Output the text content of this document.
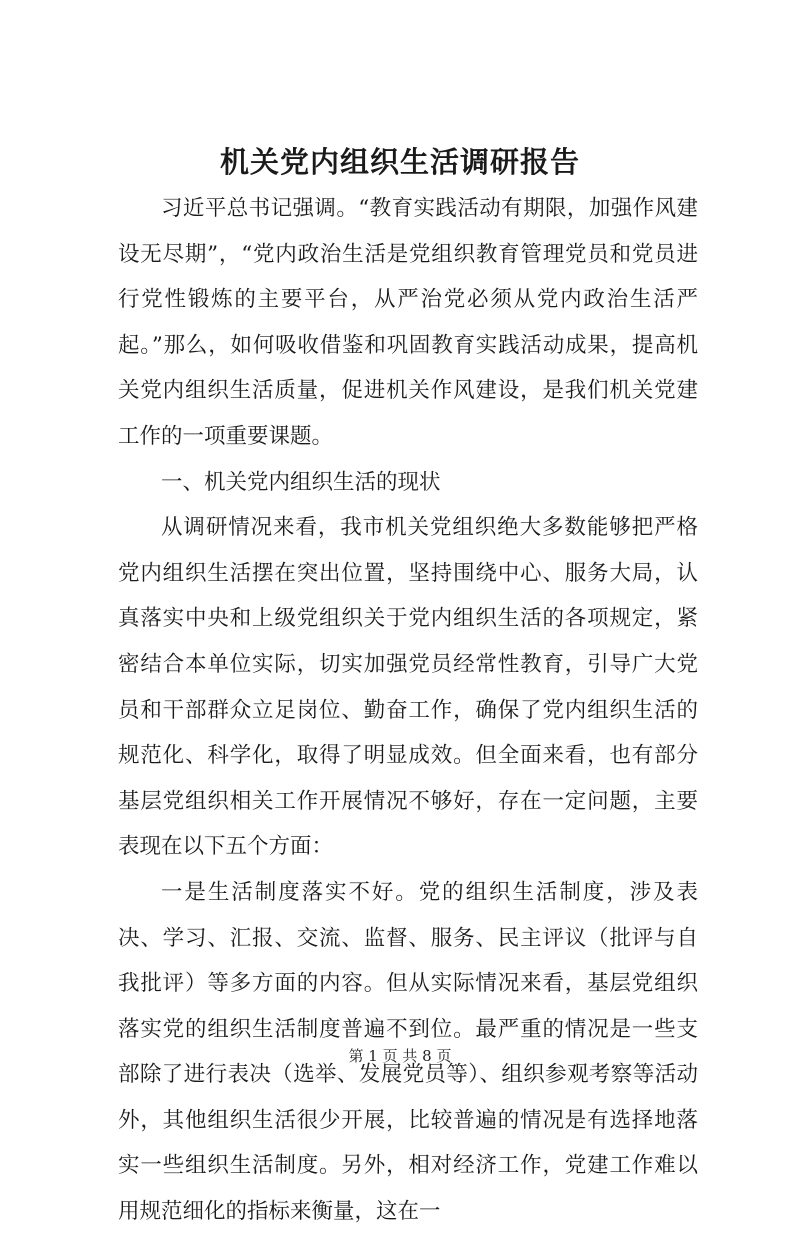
机关党内组织生活调研报告

习近平总书记强调。“教育实践活动有期限，加强作风建设无尽期”，“党内政治生活是党组织教育管理党员和党员进行党性锻炼的主要平台，从严治党必须从党内政治生活严起。”那么，如何吸收借鉴和巩固教育实践活动成果，提高机关党内组织生活质量，促进机关作风建设，是我们机关党建工作的一项重要课题。

一、机关党内组织生活的现状

从调研情况来看，我市机关党组织绝大多数能够把严格党内组织生活摆在突出位置，坚持围绕中心、服务大局，认真落实中央和上级党组织关于党内组织生活的各项规定，紧密结合本单位实际，切实加强党员经常性教育，引导广大党员和干部群众立足岗位、勤奋工作，确保了党内组织生活的规范化、科学化，取得了明显成效。但全面来看，也有部分基层党组织相关工作开展情况不够好，存在一定问题，主要表现在以下五个方面：

一是生活制度落实不好。党的组织生活制度，涉及表决、学习、汇报、交流、监督、服务、民主评议（批评与自我批评）等多方面的内容。但从实际情况来看，基层党组织落实党的组织生活制度普遍不到位。最严重的情况是一些支部除了进行表决（选举、发展党员等）、组织参观考察等活动外，其他组织生活很少开展，比较普遍的情况是有选择地落实一些组织生活制度。另外，相对经济工作，党建工作难以用规范细化的指标来衡量，这在一

第 1 页 共 8 页
